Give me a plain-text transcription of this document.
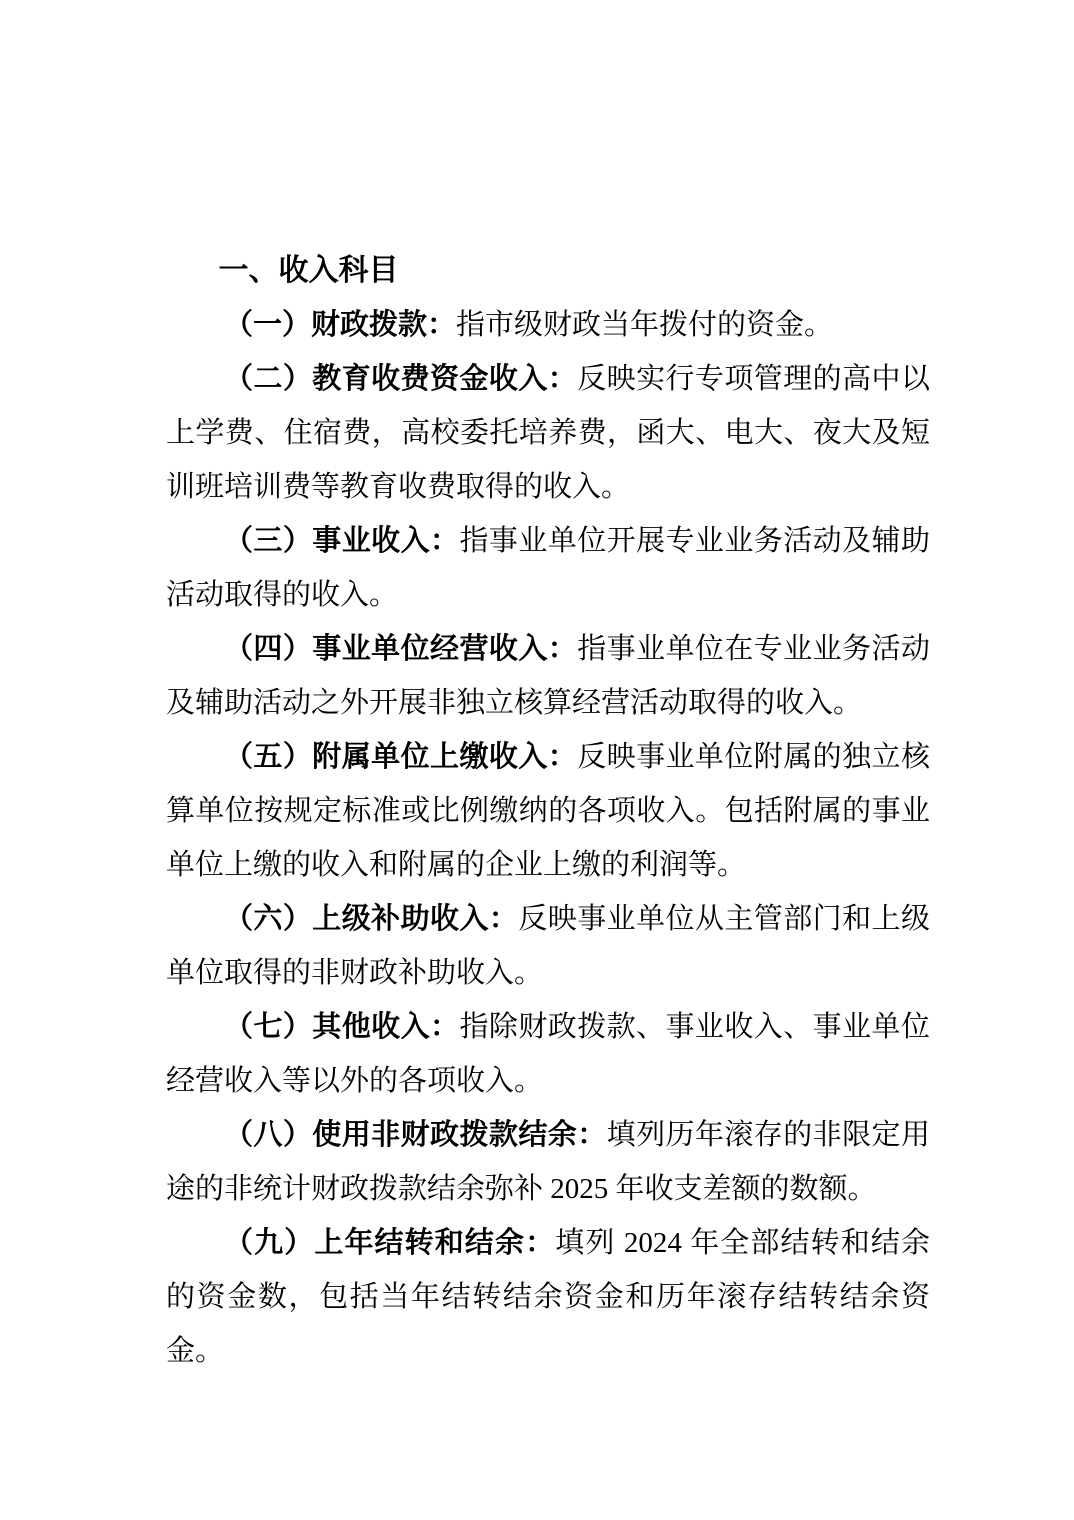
一、收入科目

（一）财政拨款：指市级财政当年拨付的资金。

（二）教育收费资金收入：反映实行专项管理的高中以上学费、住宿费，高校委托培养费，函大、电大、夜大及短训班培训费等教育收费取得的收入。

（三）事业收入：指事业单位开展专业业务活动及辅助活动取得的收入。

（四）事业单位经营收入：指事业单位在专业业务活动及辅助活动之外开展非独立核算经营活动取得的收入。

（五）附属单位上缴收入：反映事业单位附属的独立核算单位按规定标准或比例缴纳的各项收入。包括附属的事业单位上缴的收入和附属的企业上缴的利润等。

（六）上级补助收入：反映事业单位从主管部门和上级单位取得的非财政补助收入。

（七）其他收入：指除财政拨款、事业收入、事业单位经营收入等以外的各项收入。

（八）使用非财政拨款结余：填列历年滚存的非限定用途的非统计财政拨款结余弥补 2025 年收支差额的数额。

（九）上年结转和结余：填列 2024 年全部结转和结余的资金数，包括当年结转结余资金和历年滚存结转结余资金。
